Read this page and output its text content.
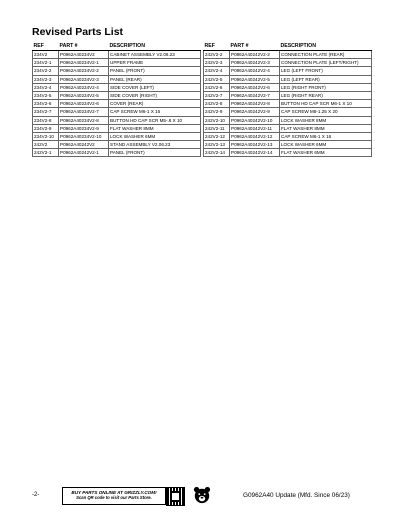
Revised Parts List
REF	PART #	DESCRIPTION
234V2	P0962A40234V2	CABINET ASSEMBLY V2.06.23
234V2-1	P0962A40234V2-1	UPPER FRAME
234V2-2	P0962A40234V2-2	PANEL (FRONT)
234V2-3	P0962A40234V2-3	PANEL (REAR)
234V2-4	P0962A40234V2-4	SIDE COVER (LEFT)
234V2-5	P0962A40234V2-5	SIDE COVER (RIGHT)
234V2-6	P0962A40234V2-6	COVER (REAR)
234V2-7	P0962A40234V2-7	CAP SCREW M6-1 X 16
234V2-8	P0962A40234V2-8	BUTTON HD CAP SCR M5-.8 X 10
234V2-9	P0962A40234V2-9	FLAT WASHER 8MM
234V2-10	P0962A40234V2-10	LOCK WASHER 6MM
242V2	P0962A40242V2	STAND ASSEMBLY V2.06.23
242V2-1	P0962A40242V2-1	PANEL (FRONT)
REF	PART #	DESCRIPTION
242V2-2	P0962A40242V2-2	CONNECTION PLATE (REAR)
242V2-3	P0962A40242V2-3	CONNECTION PLATE (LEFT/RIGHT)
242V2-4	P0962A40242V2-4	LEG (LEFT FRONT)
242V2-5	P0962A40242V2-5	LEG (LEFT REAR)
242V2-6	P0962A40242V2-6	LEG (RIGHT FRONT)
242V2-7	P0962A40242V2-7	LEG (RIGHT REAR)
242V2-8	P0962A40242V2-8	BUTTON HD CAP SCR M6-1 X 10
242V2-9	P0962A40242V2-9	CAP SCREW M8-1.25 X 20
242V2-10	P0962A40242V2-10	LOCK WASHER 8MM
242V2-11	P0962A40242V2-11	FLAT WASHER 8MM
242V2-12	P0962A40242V2-12	CAP SCREW M6-1 X 16
242V2-13	P0962A40242V2-13	LOCK WASHER 6MM
242V2-14	P0962A40242V2-14	FLAT WASHER 6MM
-2-	BUY PARTS ONLINE AT GRIZZLY.COM!
Scan QR code to visit our Parts Store.	G0962A40 Update (Mfd. Since 06/23)
